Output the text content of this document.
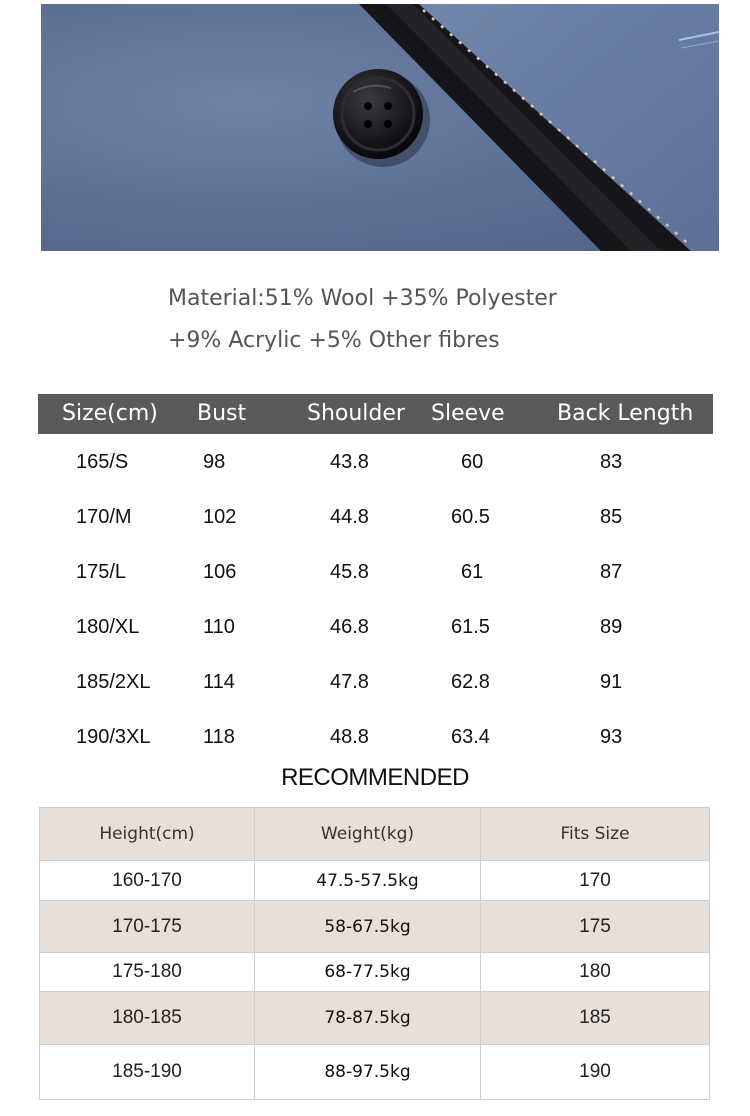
Material:51% Wool +35% Polyester
+9% Acrylic +5% Other fibres
Size(cm) Bust	Shoulder Sleeve Back Length
165/S	98	43.8	60	83
170/M	102	44.8	60.5	85
175/L	106	45.8	61	87
180/XL	110	46.8	61.5	89
185/2XL	114	47.8	62.8	91
190/3XL	118	48.8	63.4	93
RECOMMENDED
Height(cm)	Weight(kg)	Fits Size
160-170	47.5-57.5kg	170
170-175	58-67.5kg	175
175-180	68-77.5kg	180
180-185	78-87.5kg	185
185-190	88-97.5kg	190
